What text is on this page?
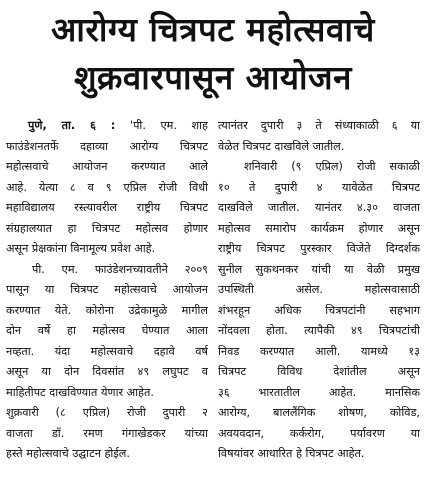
आरोग्य चित्रपट महोत्सवाचे
शुक्रवारपासून आयोजन
पुणे, ता. ६ : 'पी. एम. शाह
फाउंडेशनतर्फे दहाव्या आरोग्य चित्रपट
महोत्सवाचे आयोजन करण्यात आले
आहे. येत्या ८ व ९ एप्रिल रोजी विधी
महाविद्यालय रस्त्यावरील राष्ट्रीय चित्रपट
संग्रहालयात हा चित्रपट महोत्सव होणार
असून प्रेक्षकांना विनामूल्य प्रवेश आहे.
पी. एम. फाउंडेशनच्यावतीने २००९
पासून या चित्रपट महोत्सवाचे आयोजन
करण्यात येते. कोरोना उद्रेकामुळे मागील
दोन वर्षे हा महोत्सव घेण्यात आला
नव्हता. यंदा महोत्सवाचे दहावे वर्ष
असून या दोन दिवसांत ४९ लघुपट व
माहितीपट दाखविण्यात येणार आहेत.
शुक्रवारी (८ एप्रिल) रोजी दुपारी २
वाजता डॉ. रमण गंगाखेडकर यांच्या
हस्ते महोत्सवाचे उद्घाटन होईल.
त्यानंतर दुपारी ३ ते संध्याकाळी ६ या
वेळेत चित्रपट दाखविले जातील.
शनिवारी (९ एप्रिल) रोजी सकाळी
१० ते दुपारी ४ यावेळेत चित्रपट
दाखविले जातील. यानंतर ४.३० वाजता
महोत्सव समारोप कार्यक्रम होणार असून
राष्ट्रीय चित्रपट पुरस्कार विजेते दिग्दर्शक
सुनील सुकथनकर यांची या वेळी प्रमुख
उपस्थिती असेल. महोत्सवासाठी
शंभरहून अधिक चित्रपटांनी सहभाग
नोंदवला होता. त्यापैकी ४९ चित्रपटांची
निवड करण्यात आली. यामध्ये १३
चित्रपट विविध देशांतील असून
३६ भारतातील आहेत. मानसिक
आरोग्य, बाललैंगिक शोषण, कोविड,
अवयवदान, कर्करोग, पर्यावरण या
विषयांवर आधारित हे चित्रपट आहेत.
